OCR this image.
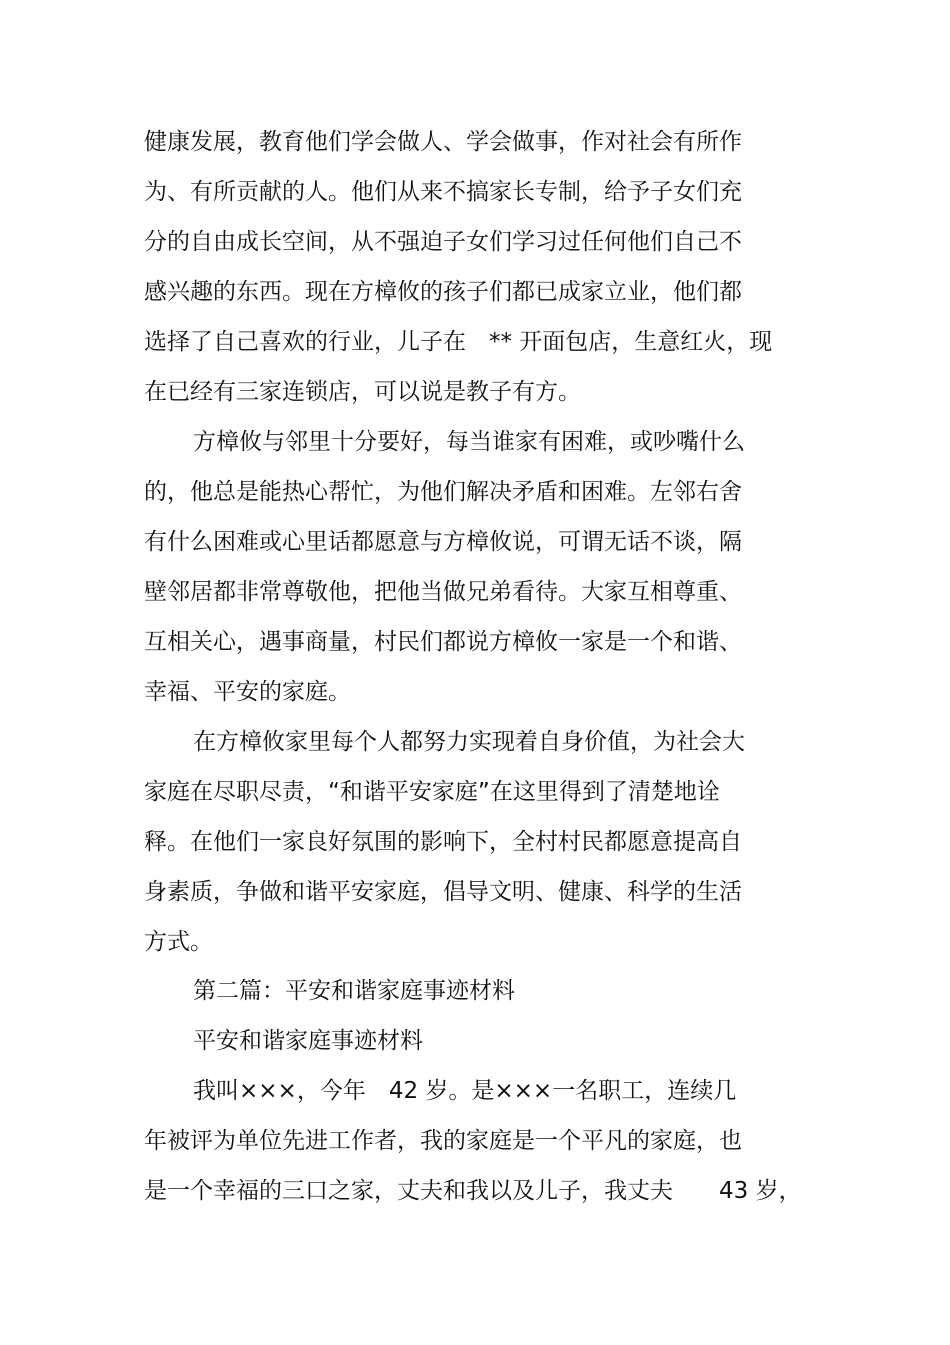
健康发展，教育他们学会做人、学会做事，作对社会有所作
为、有所贡献的人。他们从来不搞家长专制，给予子女们充
分的自由成长空间，从不强迫子女们学习过任何他们自己不
感兴趣的东西。现在方樟攸的孩子们都已成家立业，他们都
选择了自己喜欢的行业，儿子在　** 开面包店，生意红火，现
在已经有三家连锁店，可以说是教子有方。
方樟攸与邻里十分要好，每当谁家有困难，或吵嘴什么
的，他总是能热心帮忙，为他们解决矛盾和困难。左邻右舍
有什么困难或心里话都愿意与方樟攸说，可谓无话不谈，隔
壁邻居都非常尊敬他，把他当做兄弟看待。大家互相尊重、
互相关心，遇事商量，村民们都说方樟攸一家是一个和谐、
幸福、平安的家庭。
在方樟攸家里每个人都努力实现着自身价值，为社会大
家庭在尽职尽责，“和谐平安家庭”在这里得到了清楚地诠
释。在他们一家良好氛围的影响下，全村村民都愿意提高自
身素质，争做和谐平安家庭，倡导文明、健康、科学的生活
方式。
第二篇：平安和谐家庭事迹材料
平安和谐家庭事迹材料
我叫×××，今年　42 岁。是×××一名职工，连续几
年被评为单位先进工作者，我的家庭是一个平凡的家庭，也
是一个幸福的三口之家，丈夫和我以及儿子，我丈夫　　43 岁，
